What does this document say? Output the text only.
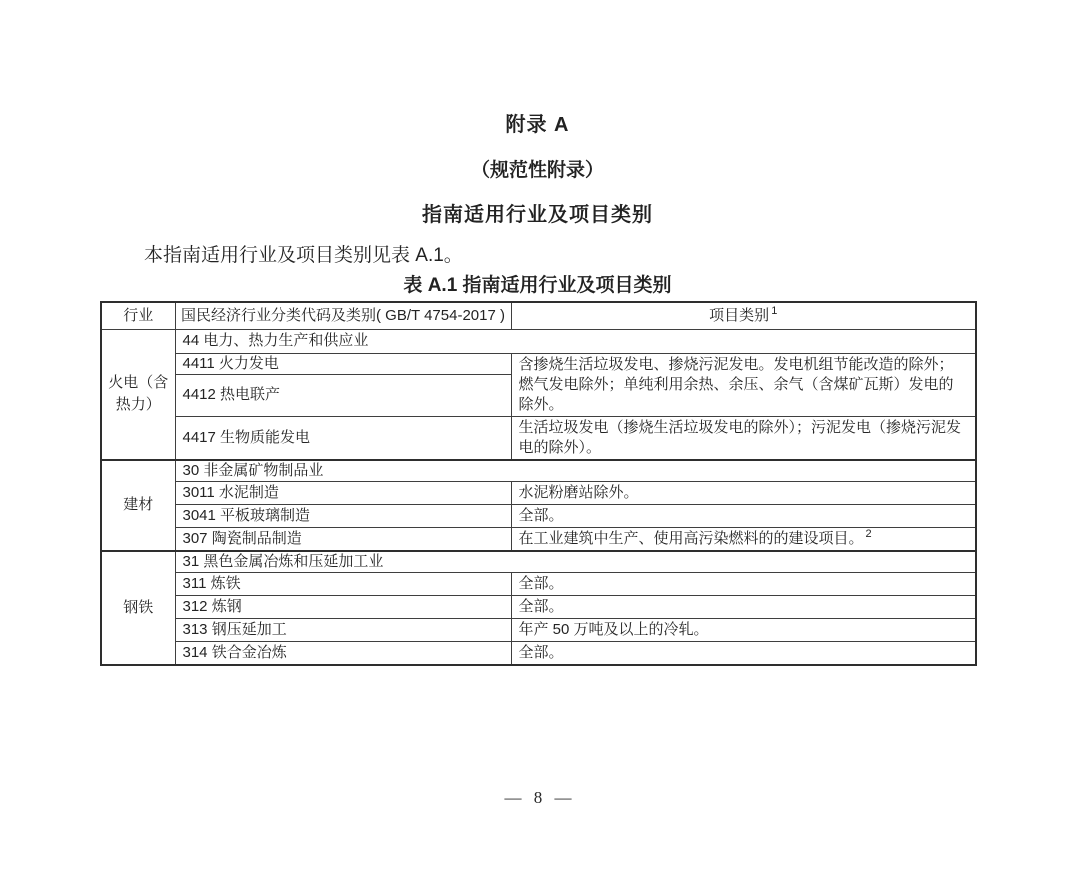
附录 A
（规范性附录）
指南适用行业及项目类别

本指南适用行业及项目类别见表 A.1。

表 A.1 指南适用行业及项目类别
行业	国民经济行业分类代码及类别( GB/T 4754-2017 )	项目类别 $^1$
火电（含热力）	44 电力、热力生产和供应业	
	4411 火力发电	含掺烧生活垃圾发电、掺烧污泥发电。发电机组节能改造的除外；燃气发电除外；单纯利用余热、余压、余气（含煤矿瓦斯）发电的除外。
	4412 热电联产	
	4417 生物质能发电	生活垃圾发电（掺烧生活垃圾发电的除外）；污泥发电（掺烧污泥发电的除外）。
建材	30 非金属矿物制品业	
	3011 水泥制造	水泥粉磨站除外。
	3041 平板玻璃制造	全部。
	307 陶瓷制品制造	在工业建筑中生产、使用高污染燃料的的建设项目。 $^2$
钢铁	31 黑色金属冶炼和压延加工业	
	311 炼铁	全部。
	312 炼钢	全部。
	313 钢压延加工	年产 50 万吨及以上的冷轧。
	314 铁合金冶炼	全部。
— 8 —
